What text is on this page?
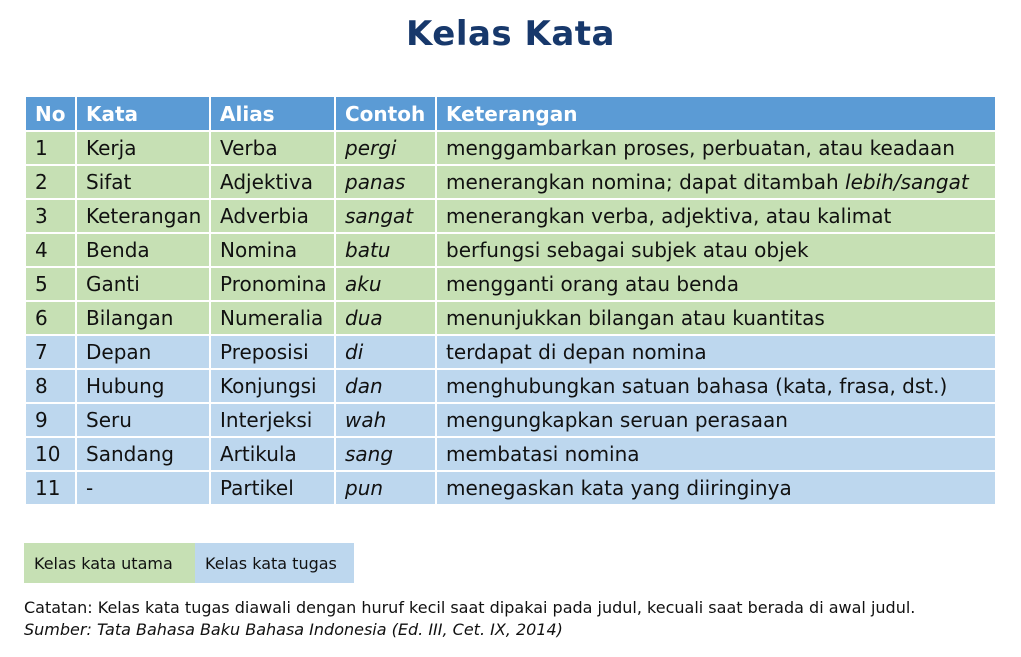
Kelas Kata
No	Kata	Alias	Contoh	Keterangan
1	Kerja	Verba	pergi	menggambarkan proses, perbuatan, atau keadaan
2	Sifat	Adjektiva	panas	menerangkan nomina; dapat ditambah lebih/sangat
3	Keterangan	Adverbia	sangat	menerangkan verba, adjektiva, atau kalimat
4	Benda	Nomina	batu	berfungsi sebagai subjek atau objek
5	Ganti	Pronomina	aku	mengganti orang atau benda
6	Bilangan	Numeralia	dua	menunjukkan bilangan atau kuantitas
7	Depan	Preposisi	di	terdapat di depan nomina
8	Hubung	Konjungsi	dan	menghubungkan satuan bahasa (kata, frasa, dst.)
9	Seru	Interjeksi	wah	mengungkapkan seruan perasaan
10	Sandang	Artikula	sang	membatasi nomina
11	-	Partikel	pun	menegaskan kata yang diiringinya
Kelas kata utama	Kelas kata tugas
Catatan: Kelas kata tugas diawali dengan huruf kecil saat dipakai pada judul, kecuali saat berada di awal judul.
Sumber: Tata Bahasa Baku Bahasa Indonesia (Ed. III, Cet. IX, 2014)
